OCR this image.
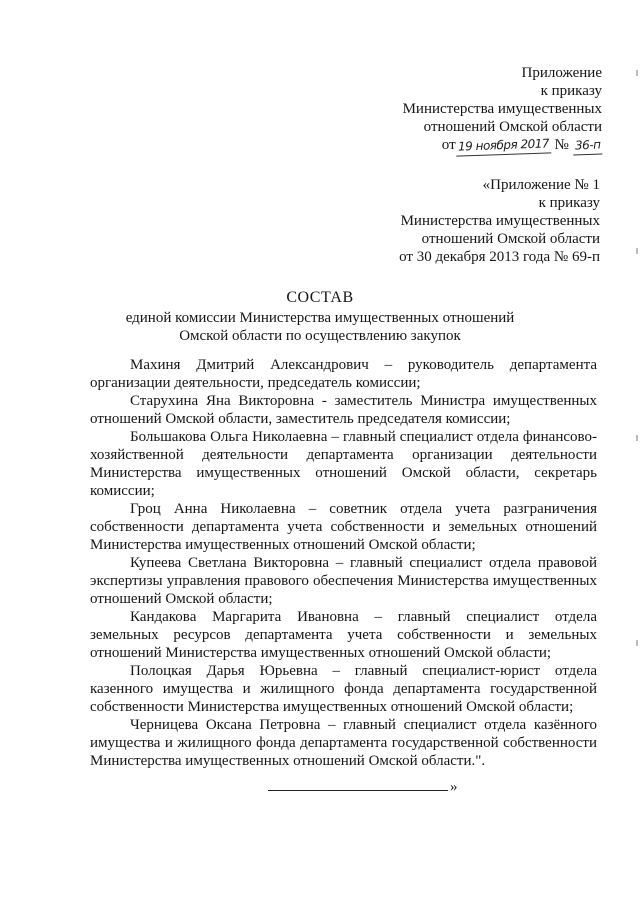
Приложение
к приказу
Министерства имущественных
отношений Омской области
от 19 ноября 2017 № 36-п
«Приложение № 1
к приказу
Министерства имущественных
отношений Омской области
от 30 декабря 2013 года № 69-п
СОСТАВ
единой комиссии Министерства имущественных отношений
Омской области по осуществлению закупок
Махиня Дмитрий Александрович – руководитель департамента организации деятельности, председатель комиссии;
Старухина Яна Викторовна - заместитель Министра имущественных отношений Омской области, заместитель председателя комиссии;
Большакова Ольга Николаевна – главный специалист отдела финансово-хозяйственной деятельности департамента организации деятельности Министерства имущественных отношений Омской области, секретарь комиссии;
Гроц Анна Николаевна – советник отдела учета разграничения собственности департамента учета собственности и земельных отношений Министерства имущественных отношений Омской области;
Купеева Светлана Викторовна – главный специалист отдела правовой экспертизы управления правового обеспечения Министерства имущественных отношений Омской области;
Кандакова Маргарита Ивановна – главный специалист отдела земельных ресурсов департамента учета собственности и земельных отношений Министерства имущественных отношений Омской области;
Полоцкая Дарья Юрьевна – главный специалист-юрист отдела казенного имущества и жилищного фонда департамента государственной собственности Министерства имущественных отношений Омской области;
Черницева Оксана Петровна – главный специалист отдела казённого имущества и жилищного фонда департамента государственной собственности Министерства имущественных отношений Омской области.".
»
